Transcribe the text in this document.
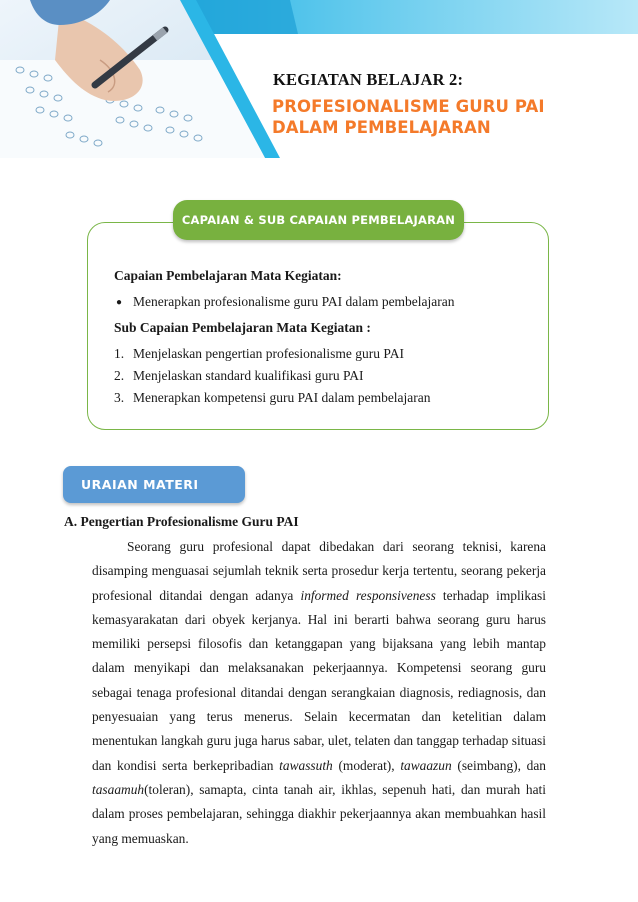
KEGIATAN BELAJAR 2:
PROFESIONALISME GURU PAI
DALAM PEMBELAJARAN
CAPAIAN & SUB CAPAIAN PEMBELAJARAN
Capaian Pembelajaran Mata Kegiatan:
● Menerapkan profesionalisme guru PAI dalam pembelajaran
Sub Capaian Pembelajaran Mata Kegiatan :
1. Menjelaskan pengertian profesionalisme guru PAI
2. Menjelaskan standard kualifikasi guru PAI
3. Menerapkan kompetensi guru PAI dalam pembelajaran
URAIAN MATERI
A. Pengertian Profesionalisme Guru PAI

Seorang guru profesional dapat dibedakan dari seorang teknisi, karena disamping menguasai sejumlah teknik serta prosedur kerja tertentu, seorang pekerja profesional ditandai dengan adanya informed responsiveness terhadap implikasi kemasyarakatan dari obyek kerjanya. Hal ini berarti bahwa seorang guru harus memiliki persepsi filosofis dan ketanggapan yang bijaksana yang lebih mantap dalam menyikapi dan melaksanakan pekerjaannya. Kompetensi seorang guru sebagai tenaga profesional ditandai dengan serangkaian diagnosis, rediagnosis, dan penyesuaian yang terus menerus. Selain kecermatan dan ketelitian dalam menentukan langkah guru juga harus sabar, ulet, telaten dan tanggap terhadap situasi dan kondisi serta berkepribadian tawassuth (moderat), tawaazun (seimbang), dan tasaamuh(toleran), samapta, cinta tanah air, ikhlas, sepenuh hati, dan murah hati dalam proses pembelajaran, sehingga diakhir pekerjaannya akan membuahkan hasil yang memuaskan.
